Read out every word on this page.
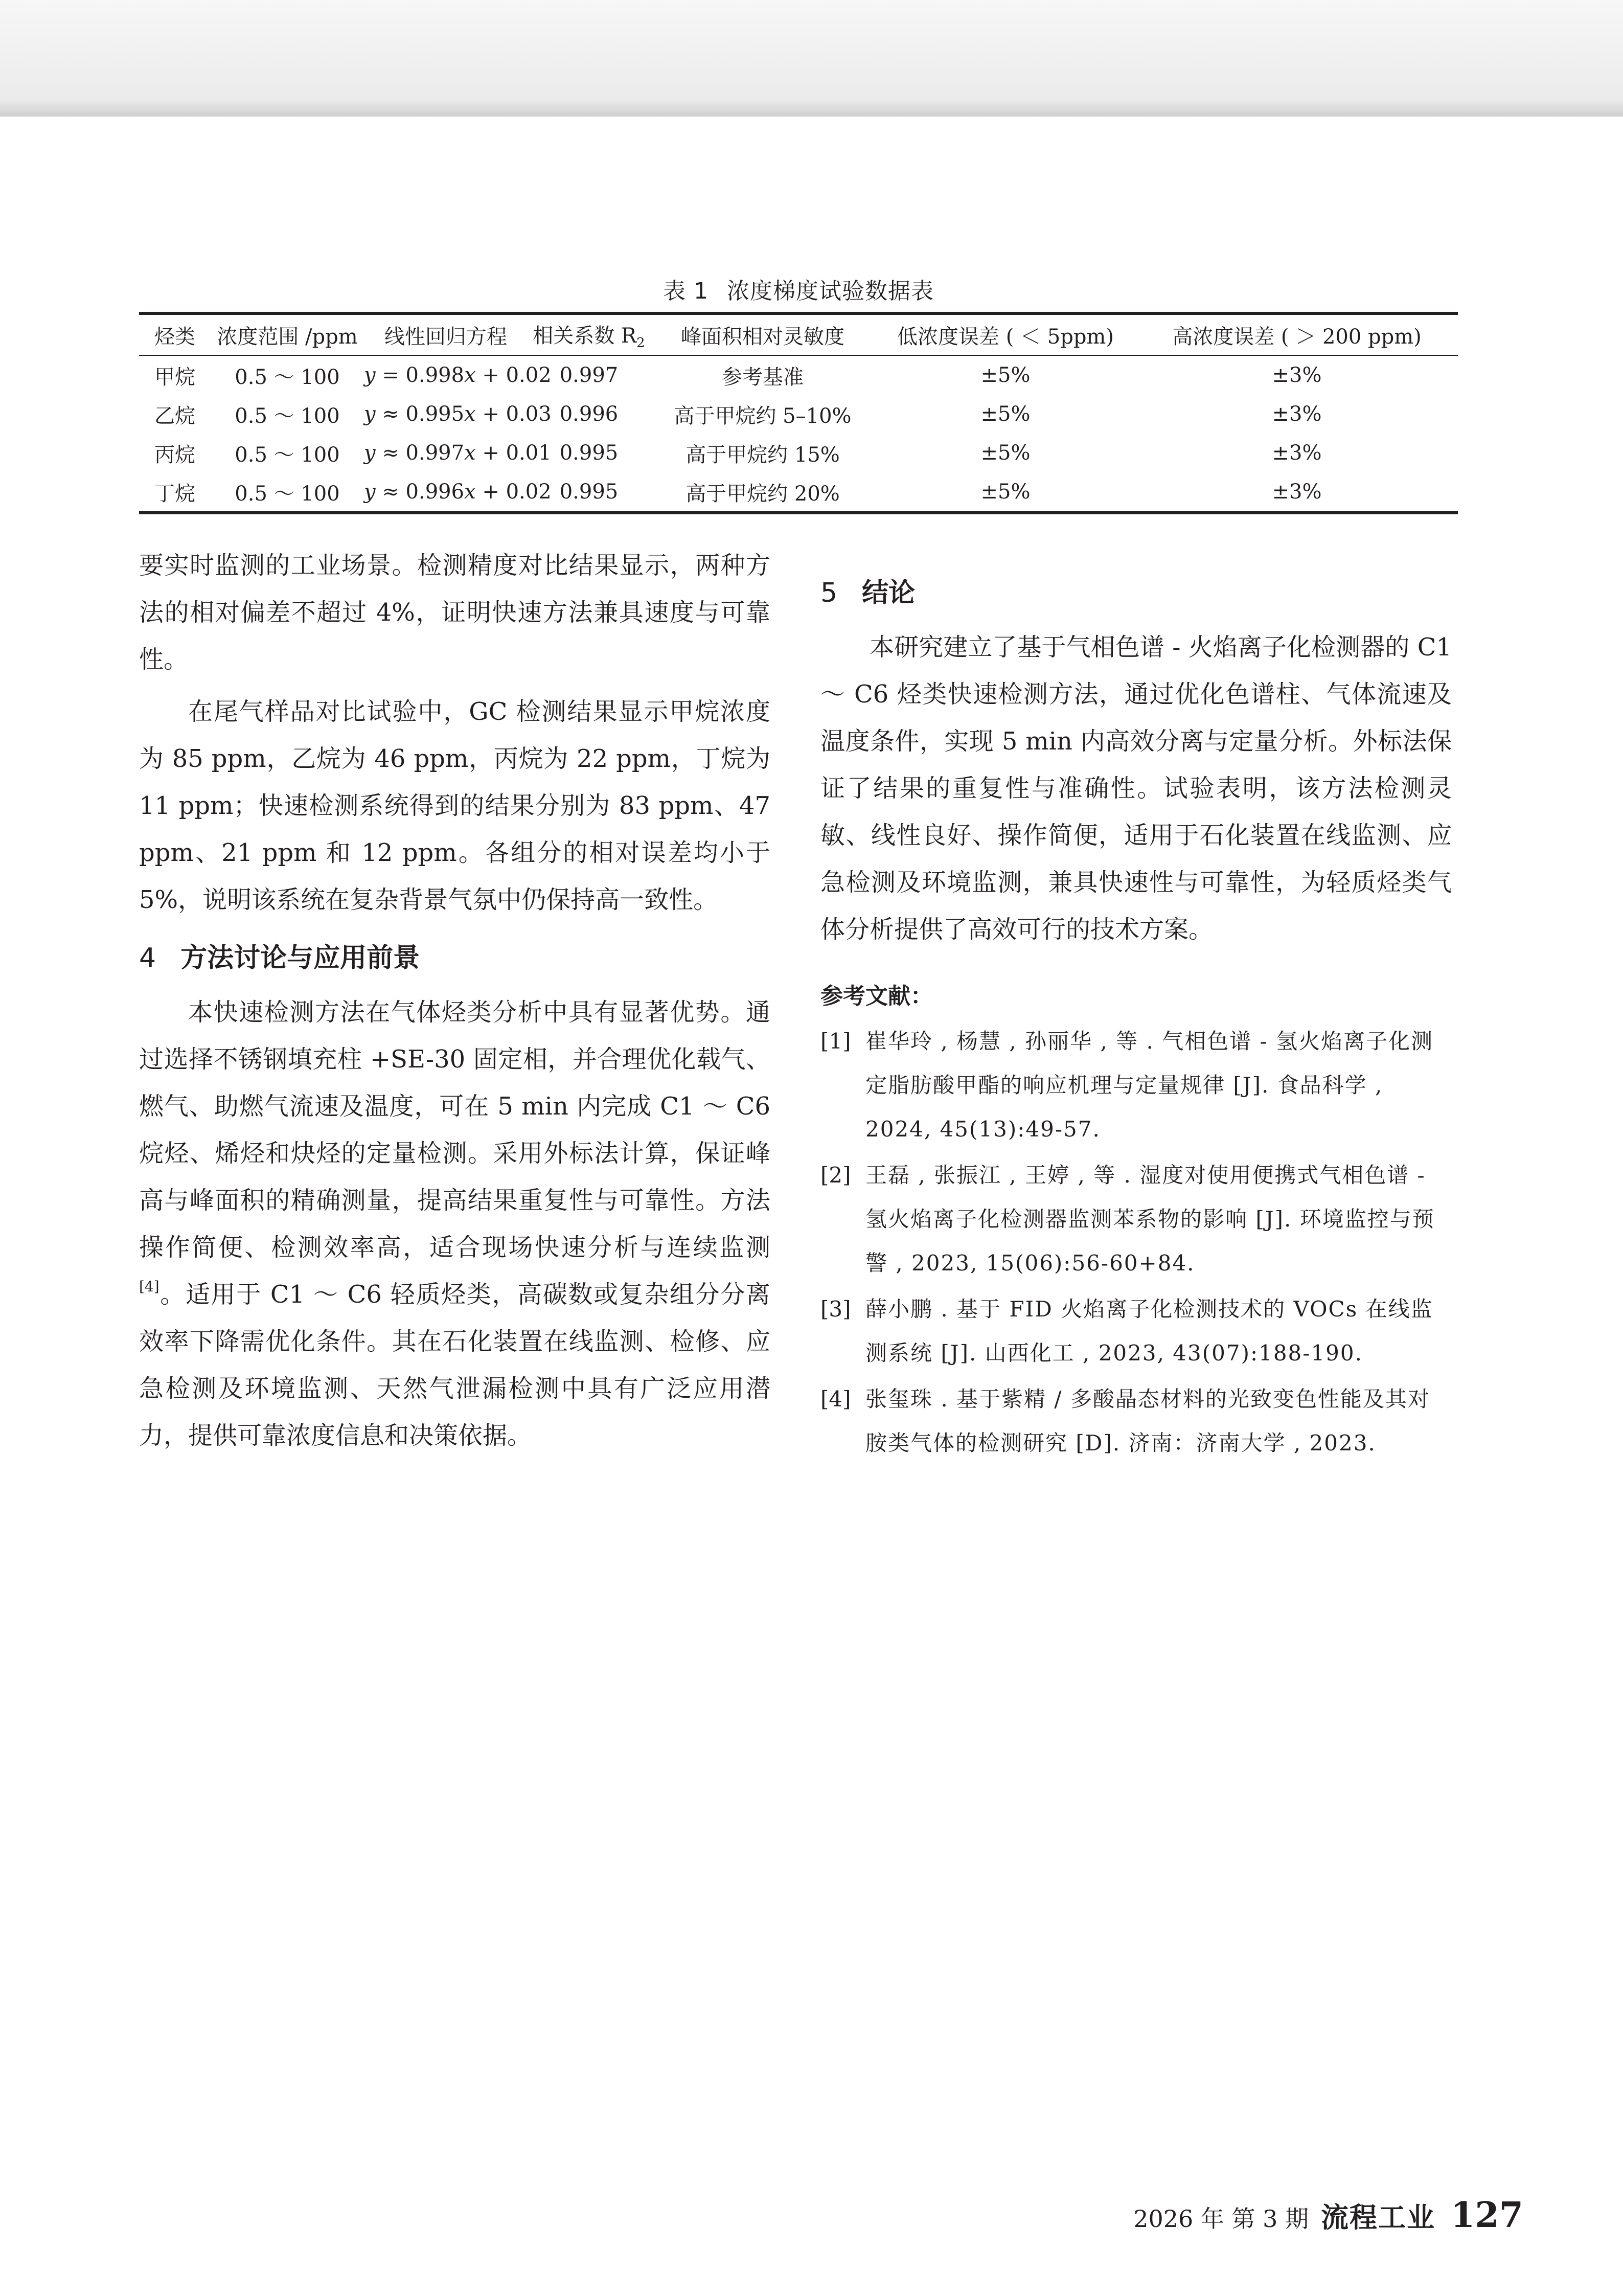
表 1 浓度梯度试验数据表
烃类	浓度范围 /ppm	线性回归方程	相关系数 $R_2$	峰面积相对灵敏度	低浓度误差 ( ＜ 5ppm)	高浓度误差 ( ＞ 200 ppm)
甲烷	0.5 ～ 100	y = 0.998x + 0.02	0.997	参考基准	±5%	±3%
乙烷	0.5 ～ 100	y ≈ 0.995x + 0.03	0.996	高于甲烷约 5–10%	±5%	±3%
丙烷	0.5 ～ 100	y ≈ 0.997x + 0.01	0.995	高于甲烷约 15%	±5%	±3%
丁烷	0.5 ～ 100	y ≈ 0.996x + 0.02	0.995	高于甲烷约 20%	±5%	±3%

要实时监测的工业场景。检测精度对比结果显示，两种方法的相对偏差不超过 4%，证明快速方法兼具速度与可靠性。

在尾气样品对比试验中，GC 检测结果显示甲烷浓度为 85 ppm，乙烷为 46 ppm，丙烷为 22 ppm，丁烷为 11 ppm；快速检测系统得到的结果分别为 83 ppm、47 ppm、21 ppm 和 12 ppm。各组分的相对误差均小于 5%，说明该系统在复杂背景气氛中仍保持高一致性。

4 方法讨论与应用前景

本快速检测方法在气体烃类分析中具有显著优势。通过选择不锈钢填充柱 +SE-30 固定相，并合理优化载气、燃气、助燃气流速及温度，可在 5 min 内完成 C1 ～ C6 烷烃、烯烃和炔烃的定量检测。采用外标法计算，保证峰高与峰面积的精确测量，提高结果重复性与可靠性。方法操作简便、检测效率高，适合现场快速分析与连续监测[4]。适用于 C1 ～ C6 轻质烃类，高碳数或复杂组分分离效率下降需优化条件。其在石化装置在线监测、检修、应急检测及环境监测、天然气泄漏检测中具有广泛应用潜力，提供可靠浓度信息和决策依据。

5 结论

本研究建立了基于气相色谱 - 火焰离子化检测器的 C1 ～ C6 烃类快速检测方法，通过优化色谱柱、气体流速及温度条件，实现 5 min 内高效分离与定量分析。外标法保证了结果的重复性与准确性。试验表明，该方法检测灵敏、线性良好、操作简便，适用于石化装置在线监测、应急检测及环境监测，兼具快速性与可靠性，为轻质烃类气体分析提供了高效可行的技术方案。

参考文献：
[1] 崔华玲 , 杨慧 , 孙丽华 , 等 . 气相色谱 - 氢火焰离子化测定脂肪酸甲酯的响应机理与定量规律 [J]. 食品科学 , 2024, 45(13):49-57.
[2] 王磊 , 张振江 , 王婷 , 等 . 湿度对使用便携式气相色谱 - 氢火焰离子化检测器监测苯系物的影响 [J]. 环境监控与预警 , 2023, 15(06):56-60+84.
[3] 薛小鹏 . 基于 FID 火焰离子化检测技术的 VOCs 在线监测系统 [J]. 山西化工 , 2023, 43(07):188-190.
[4] 张玺珠 . 基于紫精 / 多酸晶态材料的光致变色性能及其对胺类气体的检测研究 [D]. 济南：济南大学 , 2023.
2026 年 第 3 期 流程工业 127
